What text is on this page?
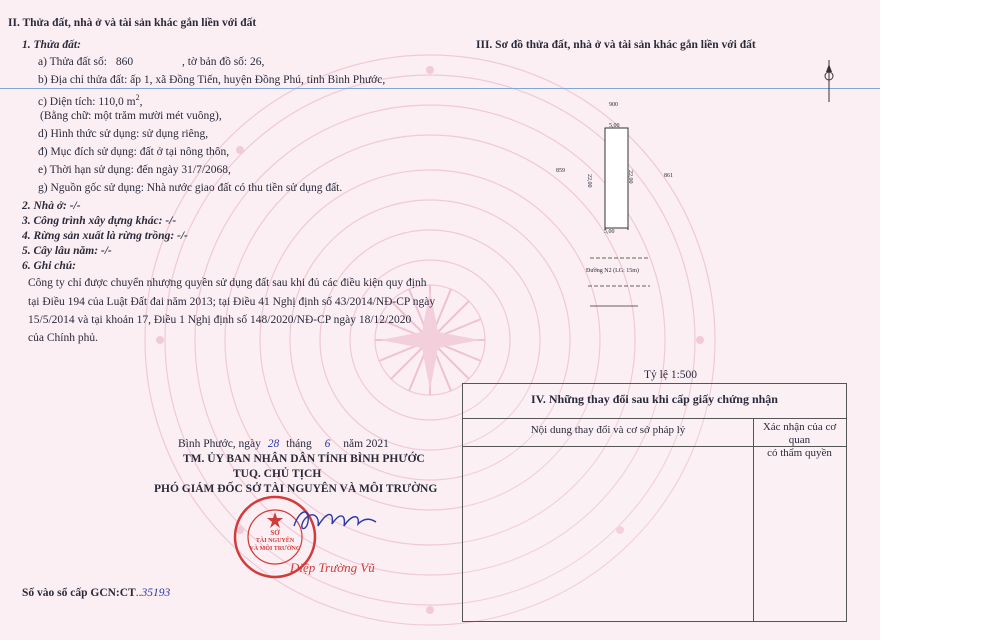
II. Thửa đất, nhà ở và tài sản khác gắn liền với đất
1. Thửa đất:
a) Thửa đất số: 860	, tờ bản đồ số: 26,
b) Địa chỉ thửa đất: ấp 1, xã Đồng Tiến, huyện Đồng Phú, tỉnh Bình Phước,
c) Diện tích: 110,0 $m^2$,
(Bằng chữ: một trăm mười mét vuông),
d) Hình thức sử dụng: sử dụng riêng,
đ) Mục đích sử dụng: đất ở tại nông thôn,
e) Thời hạn sử dụng: đến ngày 31/7/2068,
g) Nguồn gốc sử dụng: Nhà nước giao đất có thu tiền sử dụng đất.
2. Nhà ở: -/-
3. Công trình xây dựng khác: -/-
4. Rừng sản xuất là rừng trồng: -/-
5. Cây lâu năm: -/-
6. Ghi chú:
Công ty chỉ được chuyển nhượng quyền sử dụng đất sau khi đủ các điều kiện quy định
tại Điều 194 của Luật Đất đai năm 2013; tại Điều 41 Nghị định số 43/2014/NĐ-CP ngày
15/5/2014 và tại khoản 17, Điều 1 Nghị định số 148/2020/NĐ-CP ngày 18/12/2020
của Chính phủ.
III. Sơ đồ thửa đất, nhà ở và tài sản khác gắn liền với đất
900
5,00
859
861
22,00	22,00
5,00
Đường N2 (LG: 15m)
Tỷ lệ 1:500
IV. Những thay đổi sau khi cấp giấy chứng nhận
Nội dung thay đổi và cơ sở pháp lý	Xác nhận của cơ quan
có thẩm quyền
Bình Phước, ngày 28 tháng 6 năm 2021
TM. ỦY BAN NHÂN DÂN TỈNH BÌNH PHƯỚC
TUQ. CHỦ TỊCH
PHÓ GIÁM ĐỐC SỞ TÀI NGUYÊN VÀ MÔI TRƯỜNG
SỞ
TÀI NGUYÊN
VÀ MÔI TRƯỜNG
Diệp Trường Vũ
Số vào sổ cấp GCN:CT..35193
